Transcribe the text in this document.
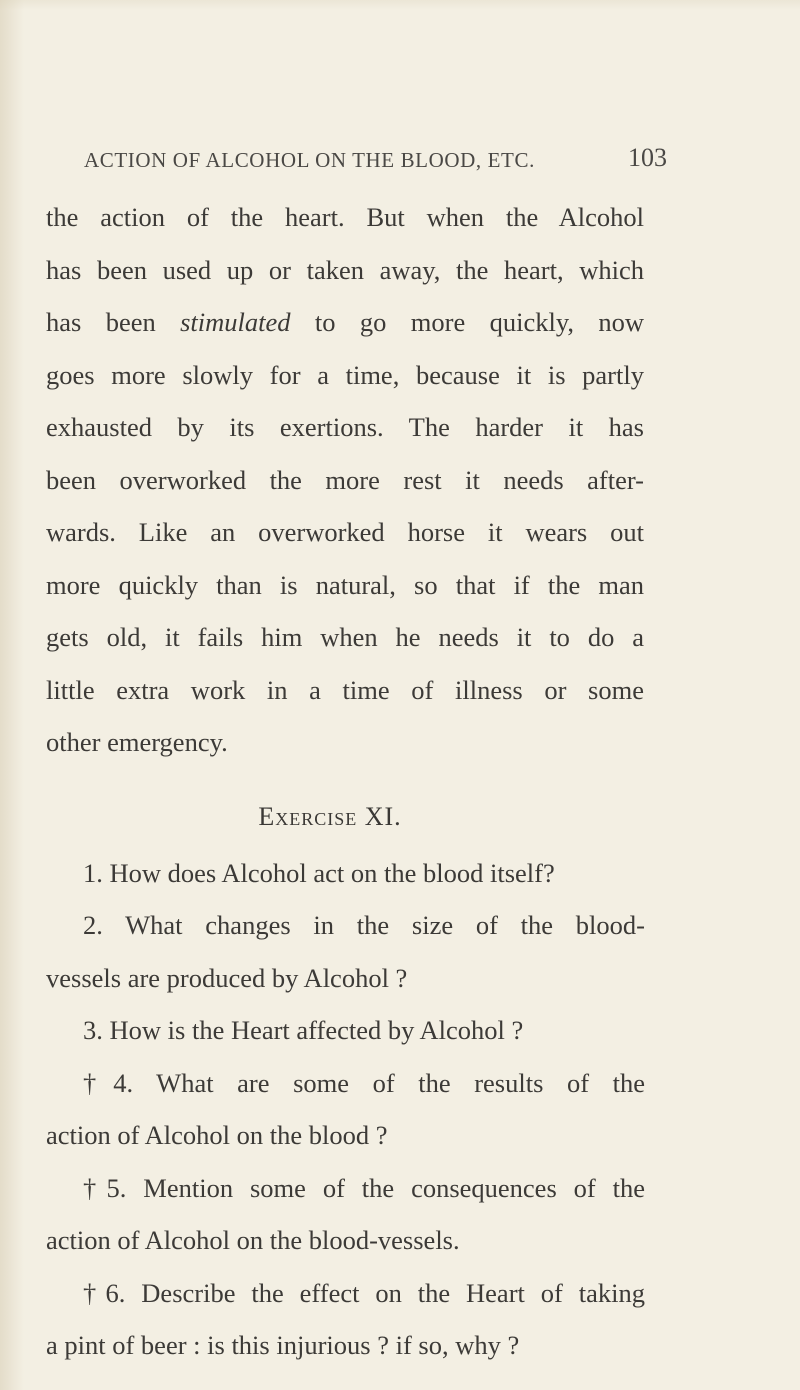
ACTION OF ALCOHOL ON THE BLOOD, ETC.	103
the action of the heart. But when the Alcohol
has been used up or taken away, the heart, which
has been stimulated to go more quickly, now
goes more slowly for a time, because it is partly
exhausted by its exertions. The harder it has
been overworked the more rest it needs after-
wards. Like an overworked horse it wears out
more quickly than is natural, so that if the man
gets old, it fails him when he needs it to do a
little extra work in a time of illness or some
other emergency.
Exercise XI.
1. How does Alcohol act on the blood itself?
2. What changes in the size of the blood-
vessels are produced by Alcohol ?
3. How is the Heart affected by Alcohol ?
†4. What are some of the results of the
action of Alcohol on the blood ?
†5. Mention some of the consequences of the
action of Alcohol on the blood-vessels.
†6. Describe the effect on the Heart of taking
a pint of beer : is this injurious ? if so, why ?
